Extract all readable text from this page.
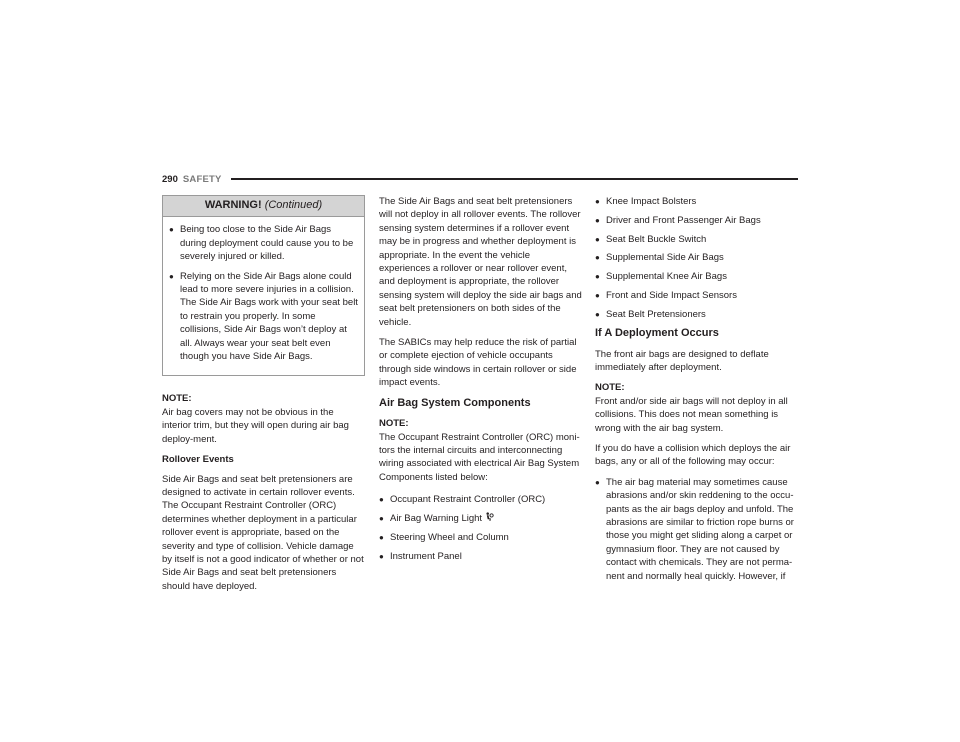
290 SAFETY
WARNING! (Continued)
● Being too close to the Side Air Bags during deployment could cause you to be severely injured or killed.
● Relying on the Side Air Bags alone could lead to more severe injuries in a collision. The Side Air Bags work with your seat belt to restrain you properly. In some collisions, Side Air Bags won’t deploy at all. Always wear your seat belt even though you have Side Air Bags.

NOTE:
Air bag covers may not be obvious in the interior trim, but they will open during air bag deploy-ment.

Rollover Events

Side Air Bags and seat belt pretensioners are designed to activate in certain rollover events. The Occupant Restraint Controller (ORC) determines whether deployment in a particular rollover event is appropriate, based on the severity and type of collision. Vehicle damage by itself is not a good indicator of whether or not Side Air Bags and seat belt pretensioners should have deployed.

The Side Air Bags and seat belt pretensioners will not deploy in all rollover events. The rollover sensing system determines if a rollover event may be in progress and whether deployment is appropriate. In the event the vehicle experiences a rollover or near rollover event, and deployment is appropriate, the rollover sensing system will deploy the side air bags and seat belt pretensioners on both sides of the vehicle.

The SABICs may help reduce the risk of partial or complete ejection of vehicle occupants through side windows in certain rollover or side impact events.

Air Bag System Components

NOTE:
The Occupant Restraint Controller (ORC) moni-tors the internal circuits and interconnecting wiring associated with electrical Air Bag System Components listed below:

● Occupant Restraint Controller (ORC)
● Air Bag Warning Light
● Steering Wheel and Column
● Instrument Panel
● Knee Impact Bolsters
● Driver and Front Passenger Air Bags
● Seat Belt Buckle Switch
● Supplemental Side Air Bags
● Supplemental Knee Air Bags
● Front and Side Impact Sensors
● Seat Belt Pretensioners
If A Deployment Occurs

The front air bags are designed to deflate immediately after deployment.

NOTE:
Front and/or side air bags will not deploy in all collisions. This does not mean something is wrong with the air bag system.

If you do have a collision which deploys the air bags, any or all of the following may occur:

● The air bag material may sometimes cause abrasions and/or skin reddening to the occu-pants as the air bags deploy and unfold. The abrasions are similar to friction rope burns or those you might get sliding along a carpet or gymnasium floor. They are not caused by contact with chemicals. They are not perma-nent and normally heal quickly. However, if
